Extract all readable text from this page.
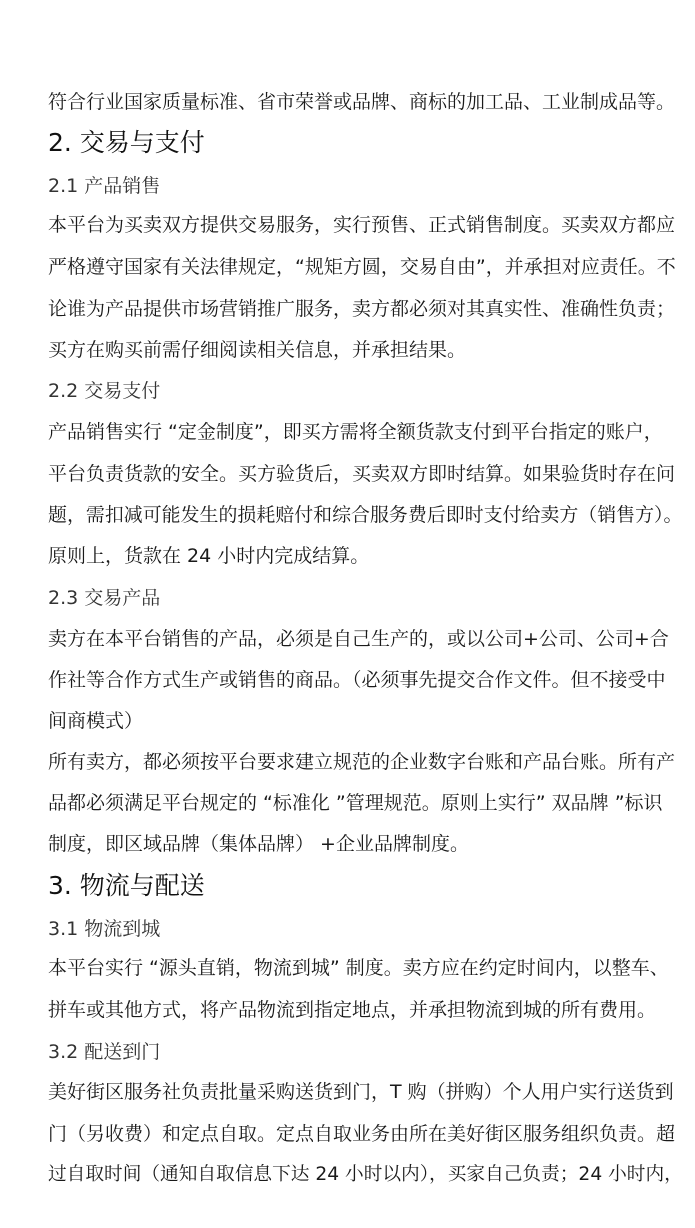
符合行业国家质量标准、省市荣誉或品牌、商标的加工品、工业制成品等。
2. 交易与支付
2.1 产品销售
本平台为买卖双方提供交易服务，实行预售、正式销售制度。买卖双方都应
严格遵守国家有关法律规定，“规矩方圆，交易自由”，并承担对应责任。不
论谁为产品提供市场营销推广服务，卖方都必须对其真实性、准确性负责；
买方在购买前需仔细阅读相关信息，并承担结果。
2.2 交易支付
产品销售实行 “定金制度”，即买方需将全额货款支付到平台指定的账户，
平台负责货款的安全。买方验货后，买卖双方即时结算。如果验货时存在问
题，需扣减可能发生的损耗赔付和综合服务费后即时支付给卖方（销售方）。
原则上，货款在 24 小时内完成结算。
2.3 交易产品
卖方在本平台销售的产品，必须是自己生产的，或以公司+公司、公司+合
作社等合作方式生产或销售的商品。（必须事先提交合作文件。但不接受中
间商模式）
所有卖方，都必须按平台要求建立规范的企业数字台账和产品台账。所有产
品都必须满足平台规定的 “标准化 ”管理规范。原则上实行” 双品牌 ”标识
制度，即区域品牌（集体品牌） +企业品牌制度。
3. 物流与配送
3.1 物流到城
本平台实行 “源头直销，物流到城” 制度。卖方应在约定时间内，以整车、
拼车或其他方式，将产品物流到指定地点，并承担物流到城的所有费用。
3.2 配送到门
美好街区服务社负责批量采购送货到门，T 购（拼购）个人用户实行送货到
门（另收费）和定点自取。定点自取业务由所在美好街区服务组织负责。超
过自取时间（通知自取信息下达 24 小时以内），买家自己负责；24 小时内，
